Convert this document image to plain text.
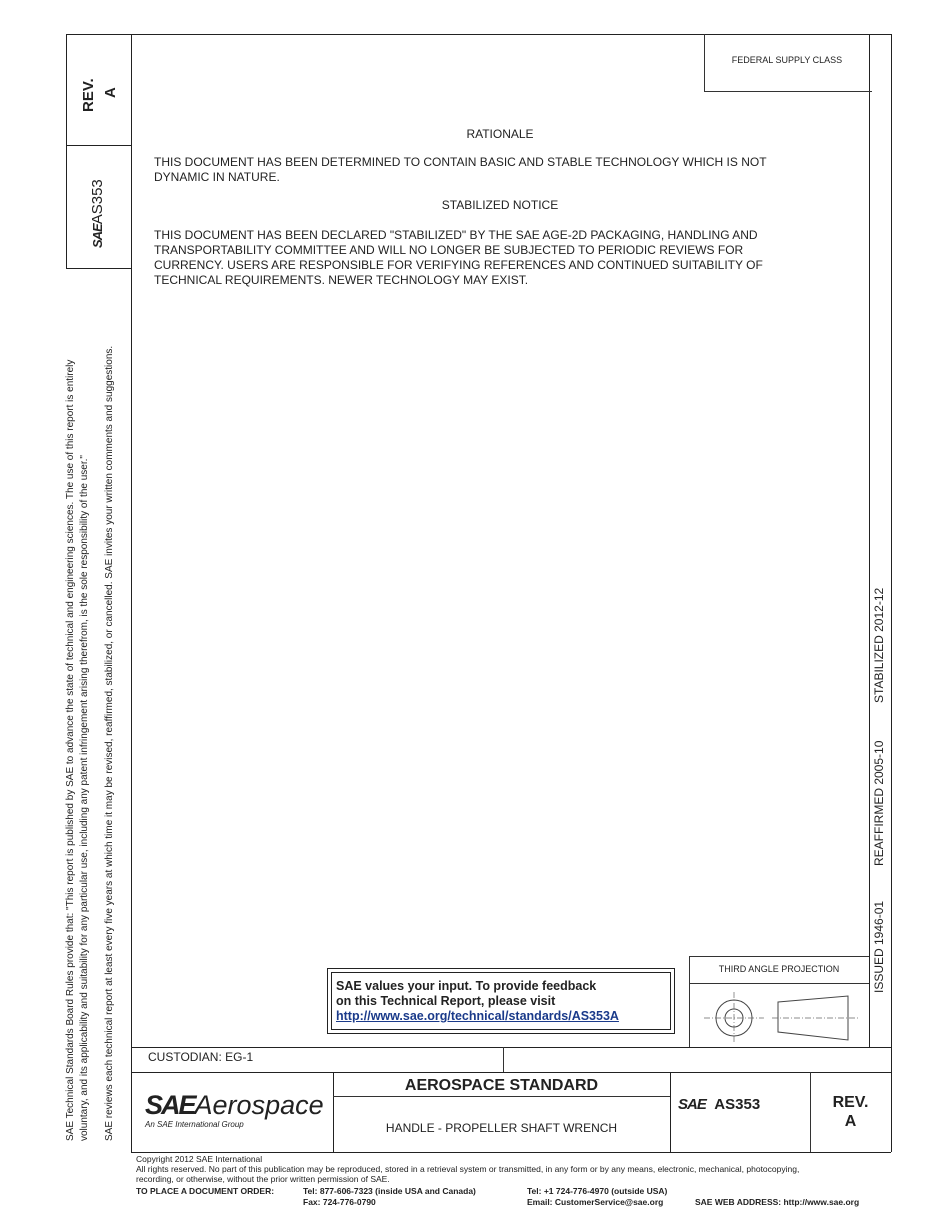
FEDERAL SUPPLY CLASS
REV. A
SAEAS353
SAE Technical Standards Board Rules provide that: "This report is published by SAE to advance the state of technical and engineering sciences. The use of this report is entirely voluntary, and its applicability and suitability for any particular use, including any patent infringement arising therefrom, is the sole responsibility of the user." SAE reviews each technical report at least every five years at which time it may be revised, reaffirmed, stabilized, or cancelled. SAE invites your written comments and suggestions.	ISSUED 1946-01
REAFFIRMED 2005-10
STABILIZED 2012-12
RATIONALE
THIS DOCUMENT HAS BEEN DETERMINED TO CONTAIN BASIC AND STABLE TECHNOLOGY WHICH IS NOT
DYNAMIC IN NATURE.
STABILIZED NOTICE
THIS DOCUMENT HAS BEEN DECLARED "STABILIZED" BY THE SAE AGE-2D PACKAGING, HANDLING AND
TRANSPORTABILITY COMMITTEE AND WILL NO LONGER BE SUBJECTED TO PERIODIC REVIEWS FOR
CURRENCY. USERS ARE RESPONSIBLE FOR VERIFYING REFERENCES AND CONTINUED SUITABILITY OF
TECHNICAL REQUIREMENTS. NEWER TECHNOLOGY MAY EXIST.
SAE values your input. To provide feedback
on this Technical Report, please visit
http://www.sae.org/technical/standards/AS353A
THIRD ANGLE PROJECTION
CUSTODIAN: EG-1
SAEAerospace
An SAE International Group
AEROSPACE STANDARD
HANDLE - PROPELLER SHAFT WRENCH
SAE AS353	REV.
A
Copyright 2012 SAE International
All rights reserved. No part of this publication may be reproduced, stored in a retrieval system or transmitted, in any form or by any means, electronic, mechanical, photocopying,
recording, or otherwise, without the prior written permission of SAE.
TO PLACE A DOCUMENT ORDER:	Tel: 877-606-7323 (inside USA and Canada)
Fax: 724-776-0790
Tel: +1 724-776-4970 (outside USA)
Email: CustomerService@sae.org	SAE WEB ADDRESS: http://www.sae.org
